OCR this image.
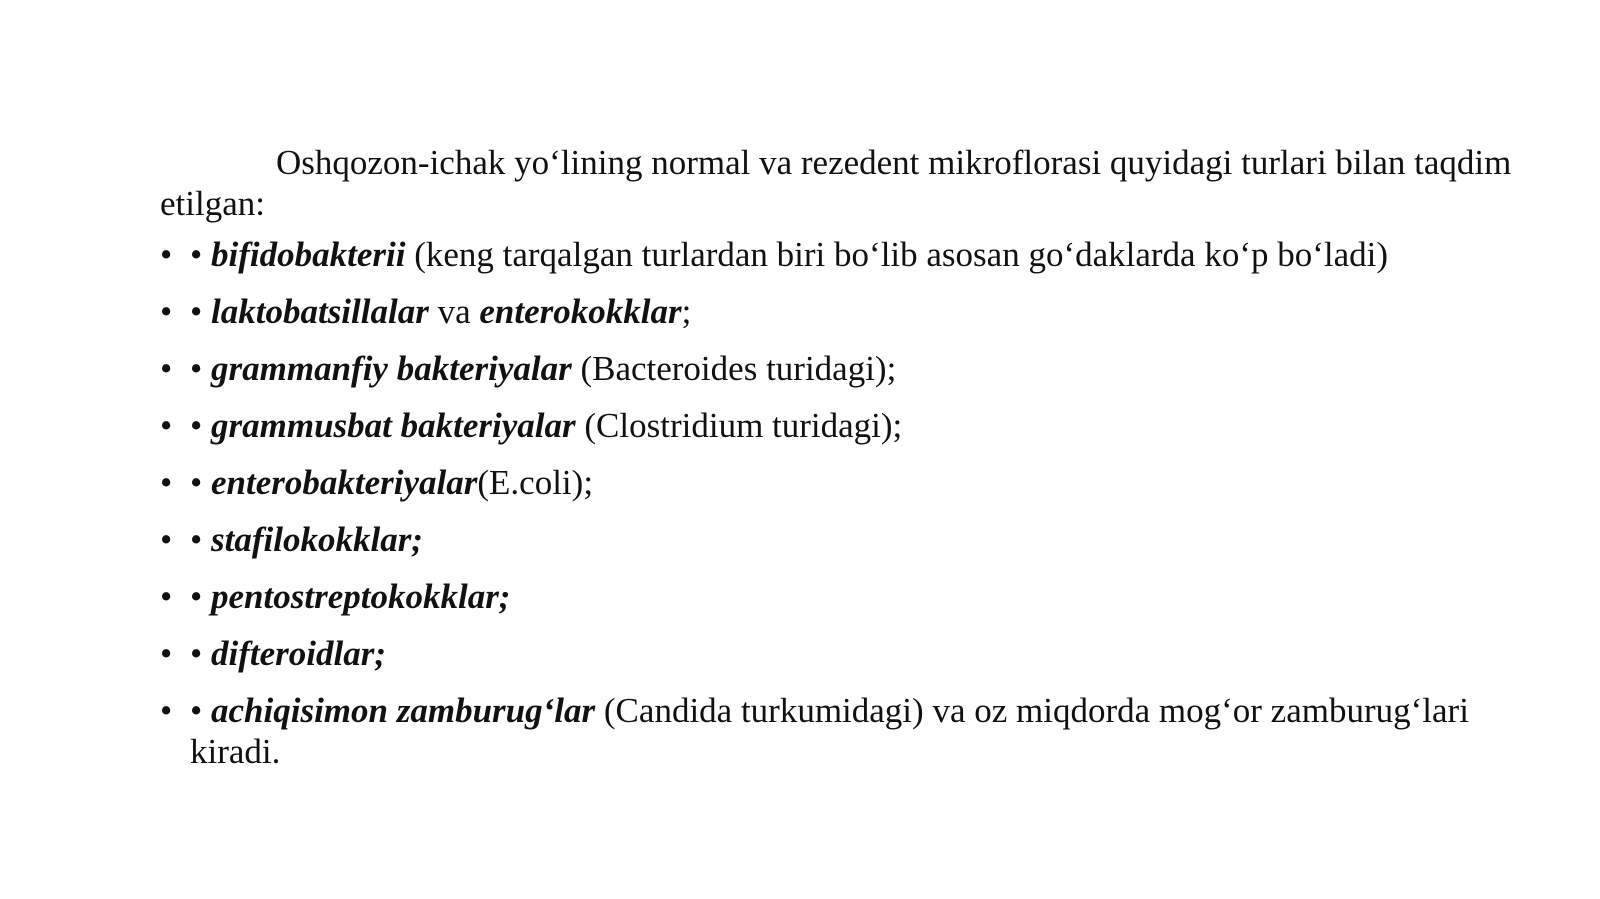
Oshqozon-ichak yo‘lining normal va rezedent mikroflorasi quyidagi turlari bilan taqdim etilgan:

• • bifidobakterii (keng tarqalgan turlardan biri bo‘lib asosan go‘daklarda ko‘p bo‘ladi)
• • laktobatsillalar va enterokokklar;
• • grammanfiy bakteriyalar (Bacteroides turidagi);
• • grammusbat bakteriyalar (Clostridium turidagi);
• • enterobakteriyalar(E.coli);
• • stafilokokklar;
• • pentostreptokokklar;
• • difteroidlar;
• • achiqisimon zamburug‘lar (Candida turkumidagi) va oz miqdorda mog‘or zamburug‘lari kiradi.
